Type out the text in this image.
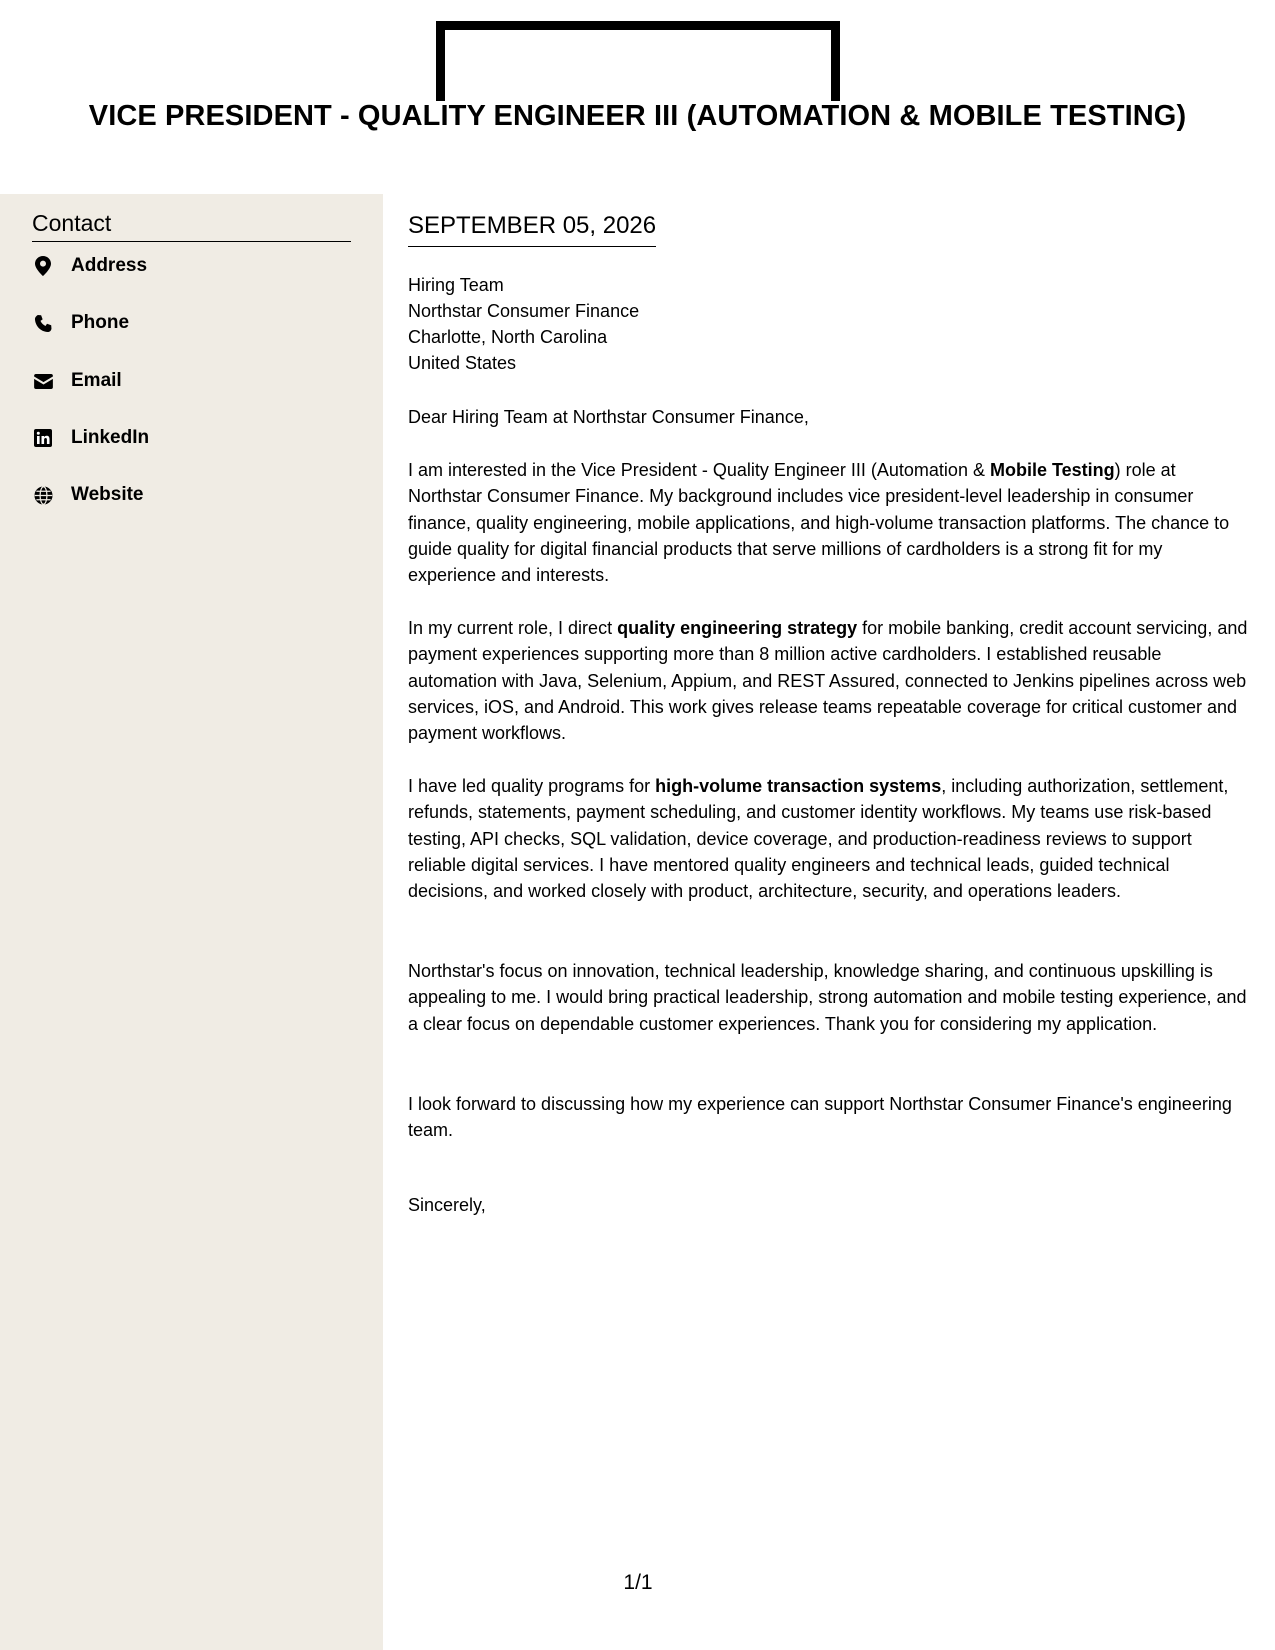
VICE PRESIDENT - QUALITY ENGINEER III (AUTOMATION & MOBILE TESTING)
Contact
Address
Phone
Email
LinkedIn
Website
SEPTEMBER 05, 2026
Hiring Team
Northstar Consumer Finance
Charlotte, North Carolina
United States
Dear Hiring Team at Northstar Consumer Finance,

I am interested in the Vice President - Quality Engineer III (Automation & Mobile Testing) role at Northstar Consumer Finance. My background includes vice president-level leadership in consumer finance, quality engineering, mobile applications, and high-volume transaction platforms. The chance to guide quality for digital financial products that serve millions of cardholders is a strong fit for my experience and interests.

In my current role, I direct quality engineering strategy for mobile banking, credit account servicing, and payment experiences supporting more than 8 million active cardholders. I established reusable automation with Java, Selenium, Appium, and REST Assured, connected to Jenkins pipelines across web services, iOS, and Android. This work gives release teams repeatable coverage for critical customer and payment workflows.

I have led quality programs for high-volume transaction systems, including authorization, settlement, refunds, statements, payment scheduling, and customer identity workflows. My teams use risk-based testing, API checks, SQL validation, device coverage, and production-readiness reviews to support reliable digital services. I have mentored quality engineers and technical leads, guided technical decisions, and worked closely with product, architecture, security, and operations leaders.

Northstar's focus on innovation, technical leadership, knowledge sharing, and continuous upskilling is appealing to me. I would bring practical leadership, strong automation and mobile testing experience, and a clear focus on dependable customer experiences. Thank you for considering my application.

I look forward to discussing how my experience can support Northstar Consumer Finance's engineering team.

Sincerely,
1/1
